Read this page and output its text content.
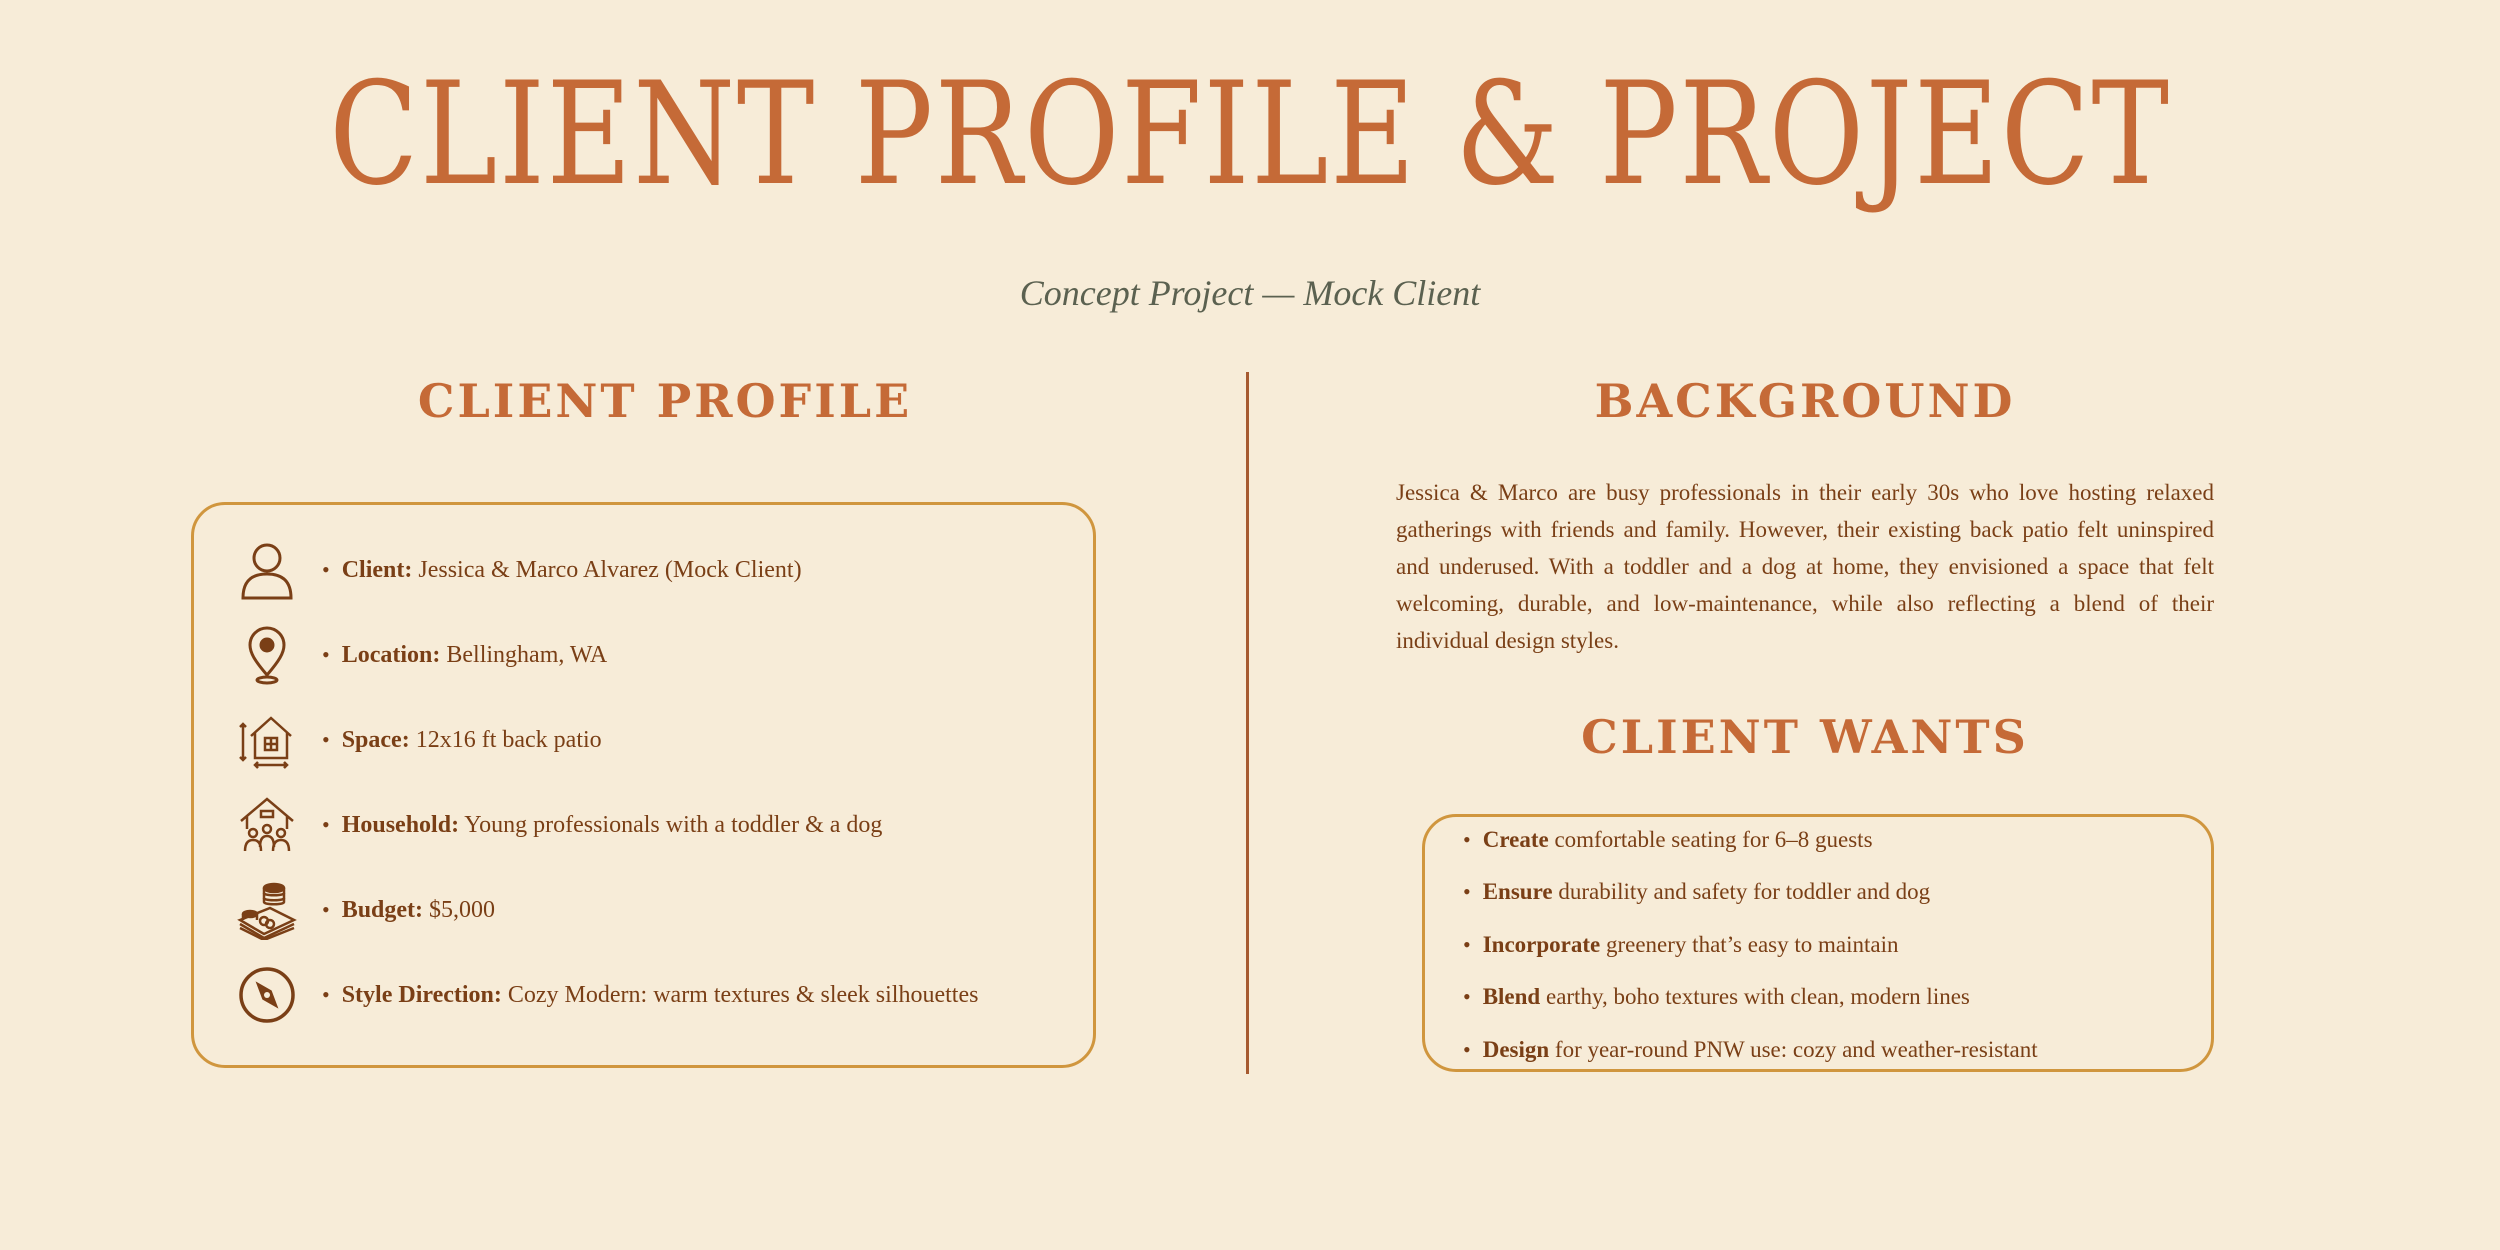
CLIENT PROFILE & PROJECT
Concept Project — Mock Client
CLIENT PROFILE	BACKGROUND
CLIENT WANTS
• Client: Jessica & Marco Alvarez (Mock Client)
• Location: Bellingham, WA
• Space: 12x16 ft back patio
• Household: Young professionals with a toddler & a dog
• Budget: $5,000
• Style Direction: Cozy Modern: warm textures & sleek silhouettes
Jessica & Marco are busy professionals in their early 30s who love hosting relaxed gatherings with friends and family. However, their existing back patio felt uninspired and underused. With a toddler and a dog at home, they envisioned a space that felt welcoming, durable, and low-maintenance, while also reflecting a blend of their individual design styles.
• Create comfortable seating for 6–8 guests
• Ensure durability and safety for toddler and dog
• Incorporate greenery that’s easy to maintain
• Blend earthy, boho textures with clean, modern lines
• Design for year-round PNW use: cozy and weather-resistant
